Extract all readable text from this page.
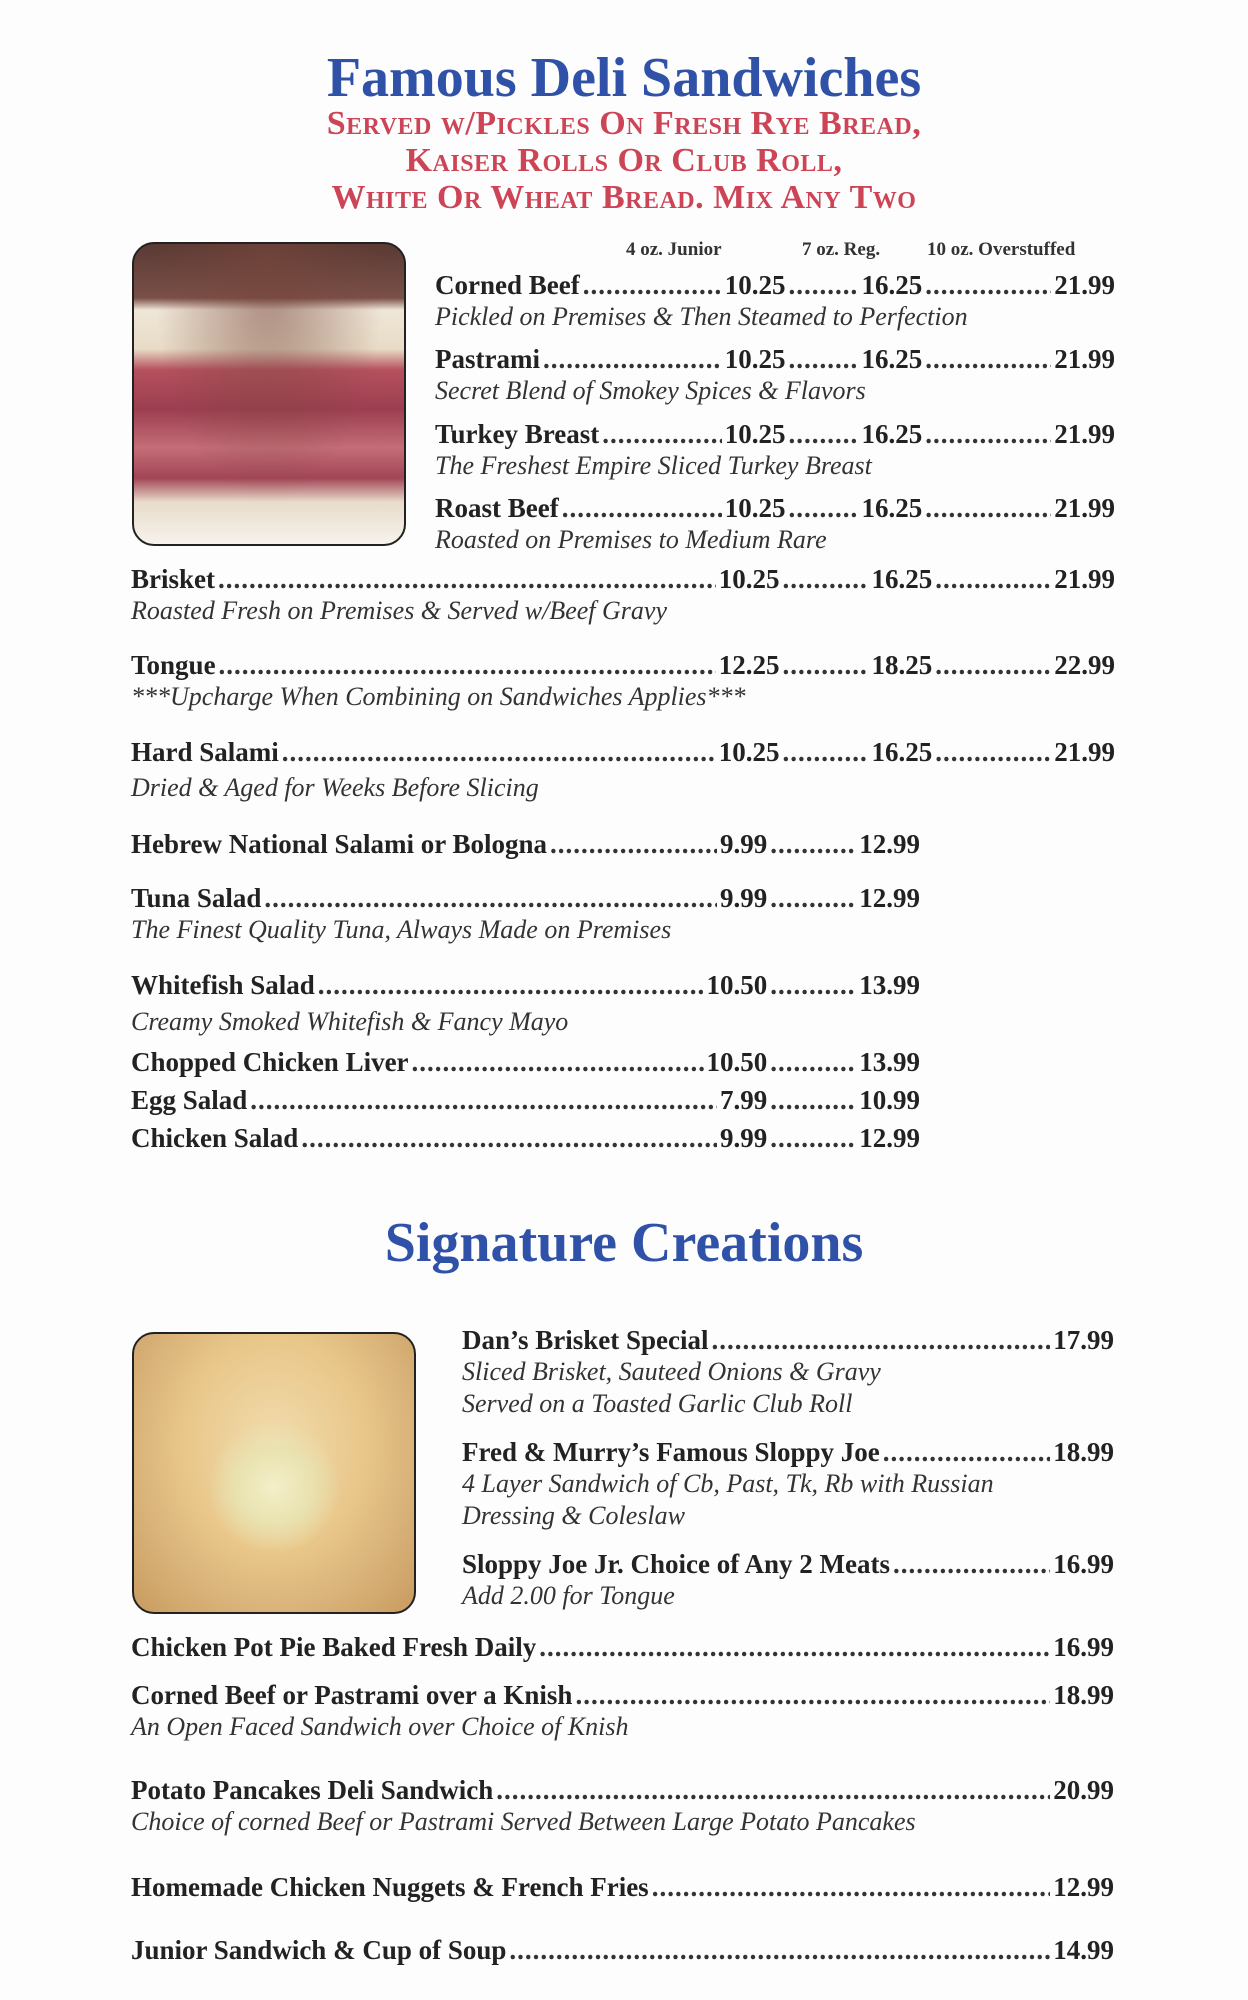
Famous Deli Sandwiches
Served w/Pickles On Fresh Rye Bread,
Kaiser Rolls Or Club Roll,
White Or Wheat Bread. Mix Any Two
4 oz. Junior	7 oz. Reg. 10 oz. Overstuffed
Corned Beef .....	10.25 .....	16.25 .....	21.99
Pickled on Premises & Then Steamed to Perfection
Pastrami .....	10.25 .....	16.25 .....	21.99
Secret Blend of Smokey Spices & Flavors
Turkey Breast .....	10.25 .....	16.25 .....	21.99
The Freshest Empire Sliced Turkey Breast
Roast Beef .....	10.25 .....	16.25 .....	21.99
Roasted on Premises to Medium Rare
Brisket .....	10.25 .....	16.25 .....	21.99
Roasted Fresh on Premises & Served w/Beef Gravy
Tongue .....	12.25 .....	18.25 .....	22.99
***Upcharge When Combining on Sandwiches Applies***
Hard Salami .....	10.25 .....	16.25 .....	21.99
Dried & Aged for Weeks Before Slicing
Hebrew National Salami or Bologna .....	9.99 .....	12.99
Tuna Salad .....	9.99 .....	12.99
The Finest Quality Tuna, Always Made on Premises
Whitefish Salad .....	10.50 .....	13.99
Creamy Smoked Whitefish & Fancy Mayo
Chopped Chicken Liver .....	10.50 .....	13.99
Egg Salad .....	7.99 .....	10.99
Chicken Salad .....	9.99 .....	12.99
Signature Creations
Dan’s Brisket Special .....	17.99
Sliced Brisket, Sauteed Onions & Gravy
Served on a Toasted Garlic Club Roll
Fred & Murry’s Famous Sloppy Joe .....	18.99
4 Layer Sandwich of Cb, Past, Tk, Rb with Russian
Dressing & Coleslaw
Sloppy Joe Jr. Choice of Any 2 Meats .....	16.99
Add 2.00 for Tongue
Chicken Pot Pie Baked Fresh Daily .....	16.99
Corned Beef or Pastrami over a Knish .....	18.99
An Open Faced Sandwich over Choice of Knish
Potato Pancakes Deli Sandwich .....	20.99
Choice of corned Beef or Pastrami Served Between Large Potato Pancakes
Homemade Chicken Nuggets & French Fries .....	12.99
Junior Sandwich & Cup of Soup .....	14.99
